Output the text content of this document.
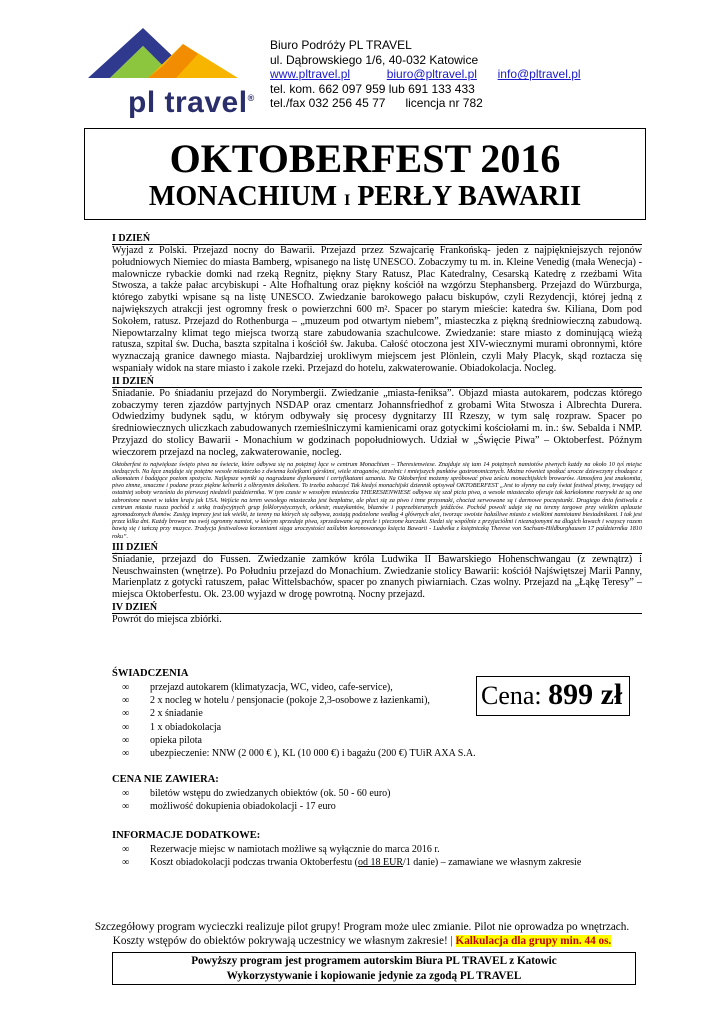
pl travel®
Biuro Podróży PL TRAVEL
ul. Dąbrowskiego 1/6, 40-032 Katowice
www.pltravel.pl	biuro@pltravel.pl info@pltravel.pl
tel. kom. 662 097 959 lub 691 133 433
tel./fax 032 256 45 77 licencja nr 782
OKTOBERFEST 2016
MONACHIUM I PERŁY BAWARII
I DZIEŃ

Wyjazd z Polski. Przejazd nocny do Bawarii. Przejazd przez Szwajcarię Frankońską- jeden z najpiękniejszych rejonów południowych Niemiec do miasta Bamberg, wpisanego na listę UNESCO. Zobaczymy tu m. in. Kleine Venedig (mała Wenecja) - malownicze rybackie domki nad rzeką Regnitz, piękny Stary Ratusz, Plac Katedralny, Cesarską Katedrę z rzeźbami Wita Stwosza, a także pałac arcybiskupi - Alte Hofhaltung oraz piękny kościół na wzgórzu Stephansberg. Przejazd do Würzburga, którego zabytki wpisane są na listę UNESCO. Zwiedzanie barokowego pałacu biskupów, czyli Rezydencji, której jedną z największych atrakcji jest ogromny fresk o powierzchni 600 m². Spacer po starym mieście: katedra św. Kiliana, Dom pod Sokołem, ratusz. Przejazd do Rothenburga – „muzeum pod otwartym niebem”, miasteczka z piękną średniowieczną zabudową. Niepowtarzalny klimat tego miejsca tworzą stare zabudowania szachulcowe. Zwiedzanie: stare miasto z dominującą wieżą ratusza, szpital św. Ducha, baszta szpitalna i kościół św. Jakuba. Całość otoczona jest XIV-wiecznymi murami obronnymi, które wyznaczają granice dawnego miasta. Najbardziej urokliwym miejscem jest Plönlein, czyli Mały Placyk, skąd roztacza się wspaniały widok na stare miasto i zakole rzeki. Przejazd do hotelu, zakwaterowanie. Obiadokolacja. Nocleg.

II DZIEŃ

Śniadanie. Po śniadaniu przejazd do Norymbergii. Zwiedzanie „miasta-feniksa”. Objazd miasta autokarem, podczas którego zobaczymy teren zjazdów partyjnych NSDAP oraz cmentarz Johannsfriedhof z grobami Wita Stwosza i Albrechta Durera. Odwiedzimy budynek sądu, w którym odbywały się procesy dygnitarzy III Rzeszy, w tym salę rozpraw. Spacer po średniowiecznych uliczkach zabudowanych rzemieślniczymi kamienicami oraz gotyckimi kościołami m. in.: św. Sebalda i NMP. Przyjazd do stolicy Bawarii - Monachium w godzinach popołudniowych. Udział w „Święcie Piwa” – Oktoberfest. Późnym wieczorem przejazd na nocleg, zakwaterowanie, nocleg.

Oktoberfest to największe święto piwa na świecie, które odbywa się na potężnej łące w centrum Monachium – Theresienwiese. Znajduje się tam 14 potężnych namiotów piwnych każdy na około 10 tyś miejsc siedzących. Na łące znajduje się potężne wesołe miasteczko z dwiema kolejkami górskimi, wiele straganów, strzelnic i mniejszych punktów gastronomicznych. Można również spotkać urocze dziewczyny chodzące z alkomatem i badające poziom spożycia. Najlepsze wyniki są nagradzane dyplomami i certyfikatami uznania. Na Oktoberfest możemy spróbować piwa ześciu monachijskich browarów. Atmosfera jest znakomita, piwo zimne, smaczne i podane przez piękne kelnerki z olbrzymim dekoltem. To trzeba zobaczyć Tak kiedyś monachijski dziennik opisywał OKTOBERFEST „Jest to słynny na cały świat festiwal piwny, trwający od ostatniej soboty września do pierwszej niedzieli października. W tym czasie w wesołym miasteczku THERESIENWIESE odbywa się szał picia piwa, a wesołe miasteczko oferuje tak karkołomne rozrywki że są one zabronione nawet w takim kraju jak USA. Wejście na teren wesołego miasteczka jest bezpłatne, ale płaci się za piwo i inne przysmaki, chociaż serwowane są i darmowe poczęstunki. Drugiego dnia festiwalu z centrum miasta rusza pochód z setką tradycyjnych grup folklorystycznych, orkiestr, muzykantów, błaznów i poprzebieranych jeźdźców. Pochód powoli udaje się na tereny targowe przy wielkim aplauzie zgromadzonych tłumów. Zasięg imprezy jest tak wielki, że tereny na których się odbywa, zostają podzielone według 4 głównych alei, tworząc swoiste hałaśliwe miasto z wielkimi namiotami biesiadnikami. I tak jest przez kilka dni. Każdy browar ma swój ogromny namiot, w którym sprzedaje piwa, sprzedawane są precle i pieczone kurczaki. Siedzi się wspólnie z przyjaciółmi i nieznajomymi na długich ławach i wszyscy razem bawią się i tańczą przy muzyce. Tradycja festiwalowa korzeniami sięga uroczystości zaślubin koronowanego księcia Bawarii - Ludwika z księżniczką Therese von Sachsan-Hildburghausen 17 października 1810 roku”.

III DZIEŃ

Śniadanie, przejazd do Fussen. Zwiedzanie zamków króla Ludwika II Bawarskiego Hohenschwangau (z zewnątrz) i Neuschwainsten (wnętrze). Po Południu przejazd do Monachium. Zwiedzanie stolicy Bawarii: kościół Najświętszej Marii Panny, Marienplatz z gotycki ratuszem, pałac Wittelsbachów, spacer po znanych piwiarniach. Czas wolny. Przejazd na „Łąkę Teresy” – miejsca Oktoberfestu. Ok. 23.00 wyjazd w drogę powrotną. Nocny przejazd.

IV DZIEŃ

Powrót do miejsca zbiórki.

ŚWIADCZENIA
∞ przejazd autokarem (klimatyzacja, WC, video, cafe-service),
∞ 2 x nocleg w hotelu / pensjonacie (pokoje 2,3-osobowe z łazienkami),
∞ 2 x śniadanie
∞ 1 x obiadokolacja
∞ opieka pilota
∞ ubezpieczenie: NNW (2 000 € ), KL (10 000 €) i bagażu (200 €) TUiR AXA S.A.
Cena: 899 zł
CENA NIE ZAWIERA:
∞ biletów wstępu do zwiedzanych obiektów (ok. 50 - 60 euro)
∞ możliwość dokupienia obiadokolacji - 17 euro
INFORMACJE DODATKOWE:
∞ Rezerwacje miejsc w namiotach możliwe są wyłącznie do marca 2016 r.
∞ Koszt obiadokolacji podczas trwania Oktoberfestu (od 18 EUR/1 danie) – zamawiane we własnym zakresie
Szczegółowy program wycieczki realizuje pilot grupy! Program może ulec zmianie. Pilot nie oprowadza po wnętrzach.
Koszty wstępów do obiektów pokrywają uczestnicy we własnym zakresie! | Kalkulacja dla grupy min. 44 os.
Powyższy program jest programem autorskim Biura PL TRAVEL z Katowic
Wykorzystywanie i kopiowanie jedynie za zgodą PL TRAVEL
